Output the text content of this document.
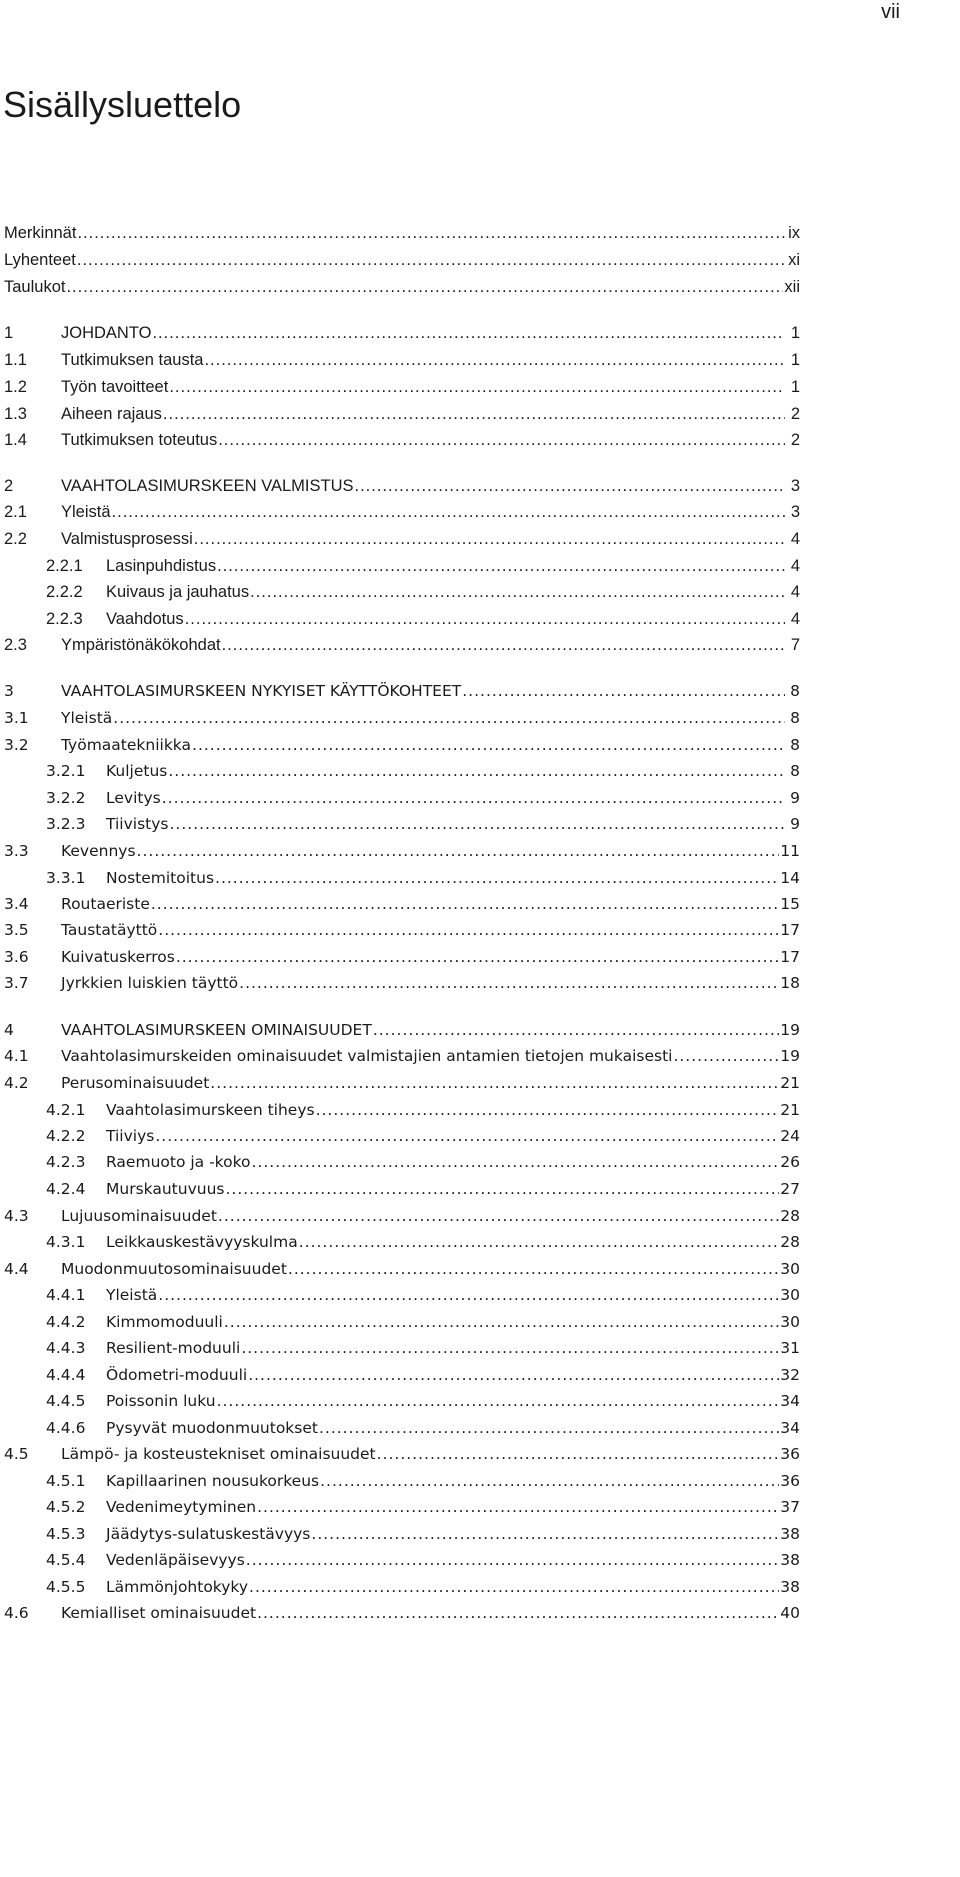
vii
Sisällysluettelo
Merkinnät .....	ix
Lyhenteet .....	xi
Taulukot .....	xii
1	JOHDANTO .....	1
1.1	Tutkimuksen tausta .....	1
1.2	Työn tavoitteet .....	1
1.3	Aiheen rajaus .....	2
1.4	Tutkimuksen toteutus .....	2
2	VAAHTOLASIMURSKEEN VALMISTUS .....	3
2.1	Yleistä .....	3
2.2	Valmistusprosessi .....	4
2.2.1	Lasinpuhdistus .....	4
2.2.2	Kuivaus ja jauhatus .....	4
2.2.3	Vaahdotus .....	4
2.3	Ympäristönäkökohdat .....	7
3	VAAHTOLASIMURSKEEN NYKYISET KÄYTTÖKOHTEET .....	8
3.1	Yleistä .....	8
3.2	Työmaatekniikka .....	8
3.2.1	Kuljetus .....	8
3.2.2	Levitys .....	9
3.2.3	Tiivistys .....	9
3.3	Kevennys .....	11
3.3.1	Nostemitoitus .....	14
3.4	Routaeriste .....	15
3.5	Taustatäyttö .....	17
3.6	Kuivatuskerros .....	17
3.7	Jyrkkien luiskien täyttö .....	18
4	VAAHTOLASIMURSKEEN OMINAISUUDET .....	19
4.1	Vaahtolasimurskeiden ominaisuudet valmistajien antamien tietojen mukaisesti .....	19
4.2	Perusominaisuudet .....	21
4.2.1	Vaahtolasimurskeen tiheys .....	21
4.2.2	Tiiviys .....	24
4.2.3	Raemuoto ja -koko .....	26
4.2.4	Murskautuvuus .....	27
4.3	Lujuusominaisuudet .....	28
4.3.1	Leikkauskestävyyskulma .....	28
4.4	Muodonmuutosominaisuudet .....	30
4.4.1	Yleistä .....	30
4.4.2	Kimmomoduuli .....	30
4.4.3	Resilient-moduuli .....	31
4.4.4	Ödometri-moduuli .....	32
4.4.5	Poissonin luku .....	34
4.4.6	Pysyvät muodonmuutokset .....	34
4.5	Lämpö- ja kosteustekniset ominaisuudet .....	36
4.5.1	Kapillaarinen nousukorkeus .....	36
4.5.2	Vedenimeytyminen .....	37
4.5.3	Jäädytys-sulatuskestävyys .....	38
4.5.4	Vedenläpäisevyys .....	38
4.5.5	Lämmönjohtokyky .....	38
4.6	Kemialliset ominaisuudet .....	40
